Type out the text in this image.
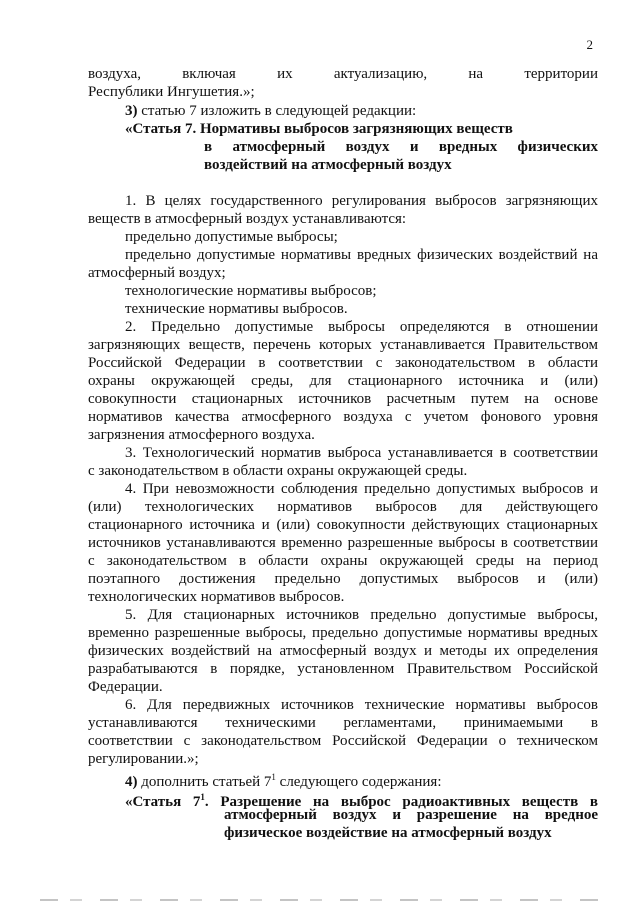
2
воздуха, включая их актуализацию, на территории
Республики Ингушетия.»;
3) статью 7 изложить в следующей редакции:
«Статья 7. Нормативы выбросов загрязняющих веществ
в атмосферный воздух и вредных физических
воздействий на атмосферный воздух
1. В целях государственного регулирования выбросов загрязняющих
веществ в атмосферный воздух устанавливаются:
предельно допустимые выбросы;
предельно допустимые нормативы вредных физических воздействий на
атмосферный воздух;
технологические нормативы выбросов;
технические нормативы выбросов.
2. Предельно допустимые выбросы определяются в отношении
загрязняющих веществ, перечень которых устанавливается Правительством
Российской Федерации в соответствии с законодательством в области
охраны окружающей среды, для стационарного источника и (или)
совокупности стационарных источников расчетным путем на основе
нормативов качества атмосферного воздуха с учетом фонового уровня
загрязнения атмосферного воздуха.
3. Технологический норматив выброса устанавливается в соответствии
с законодательством в области охраны окружающей среды.
4. При невозможности соблюдения предельно допустимых выбросов и
(или) технологических нормативов выбросов для действующего
стационарного источника и (или) совокупности действующих стационарных
источников устанавливаются временно разрешенные выбросы в соответствии
с законодательством в области охраны окружающей среды на период
поэтапного достижения предельно допустимых выбросов и (или)
технологических нормативов выбросов.
5. Для стационарных источников предельно допустимые выбросы,
временно разрешенные выбросы, предельно допустимые нормативы вредных
физических воздействий на атмосферный воздух и методы их определения
разрабатываются в порядке, установленном Правительством Российской
Федерации.
6. Для передвижных источников технические нормативы выбросов
устанавливаются техническими регламентами, принимаемыми в
соответствии с законодательством Российской Федерации о техническом
регулировании.»;
4) дополнить статьей $7^1$ следующего содержания:
«Статья $7^1$. Разрешение на выброс радиоактивных веществ в
атмосферный воздух и разрешение на вредное
физическое воздействие на атмосферный воздух
